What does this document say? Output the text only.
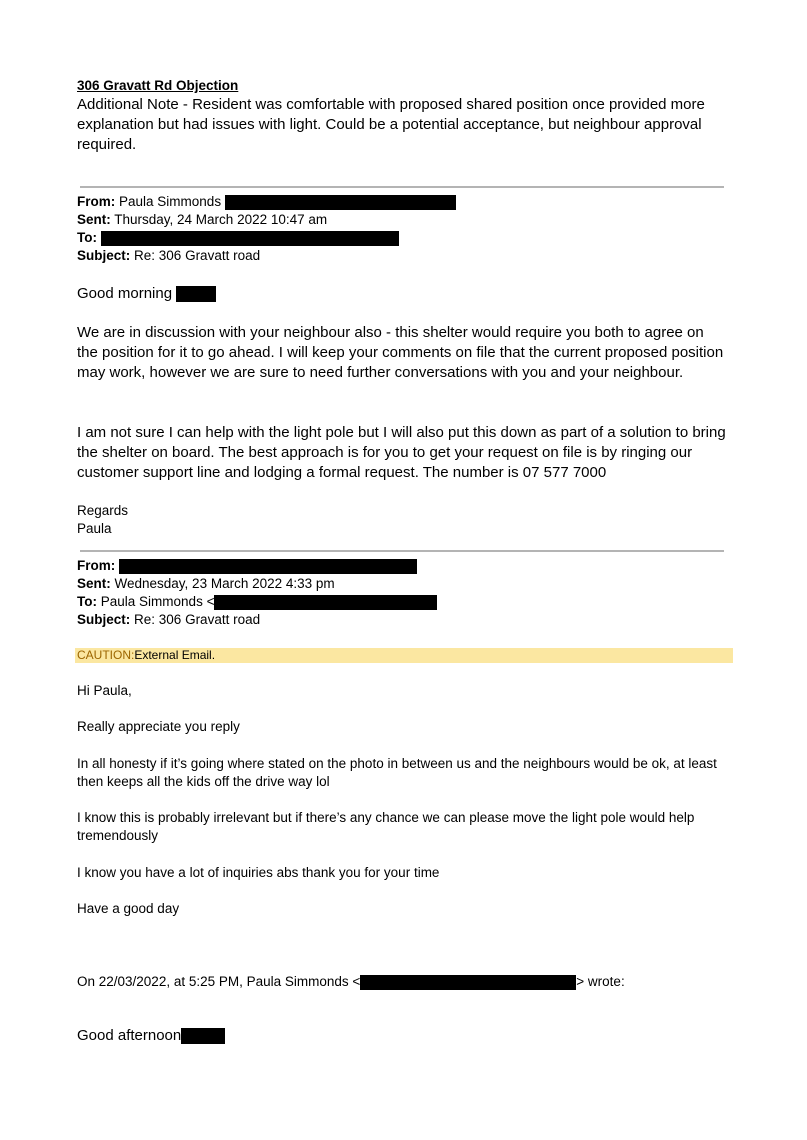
306 Gravatt Rd Objection
Additional Note - Resident was comfortable with proposed shared position once provided more explanation but had issues with light. Could be a potential acceptance, but neighbour approval required.
From: Paula Simmonds
Sent: Thursday, 24 March 2022 10:47 am
To:
Subject: Re: 306 Gravatt road
Good morning
We are in discussion with your neighbour also - this shelter would require you both to agree on the position for it to go ahead. I will keep your comments on file that the current proposed position may work, however we are sure to need further conversations with you and your neighbour.
I am not sure I can help with the light pole but I will also put this down as part of a solution to bring the shelter on board. The best approach is for you to get your request on file is by ringing our customer support line and lodging a formal request. The number is 07 577 7000
Regards
Paula
From:
Sent: Wednesday, 23 March 2022 4:33 pm
To: Paula Simmonds <
Subject: Re: 306 Gravatt road
CAUTION:External Email.
Hi Paula,
Really appreciate you reply
In all honesty if it’s going where stated on the photo in between us and the neighbours would be ok, at least then keeps all the kids off the drive way lol
I know this is probably irrelevant but if there’s any chance we can please move the light pole would help tremendously
I know you have a lot of inquiries abs thank you for your time
Have a good day
On 22/03/2022, at 5:25 PM, Paula Simmonds <	> wrote:
Good afternoon
